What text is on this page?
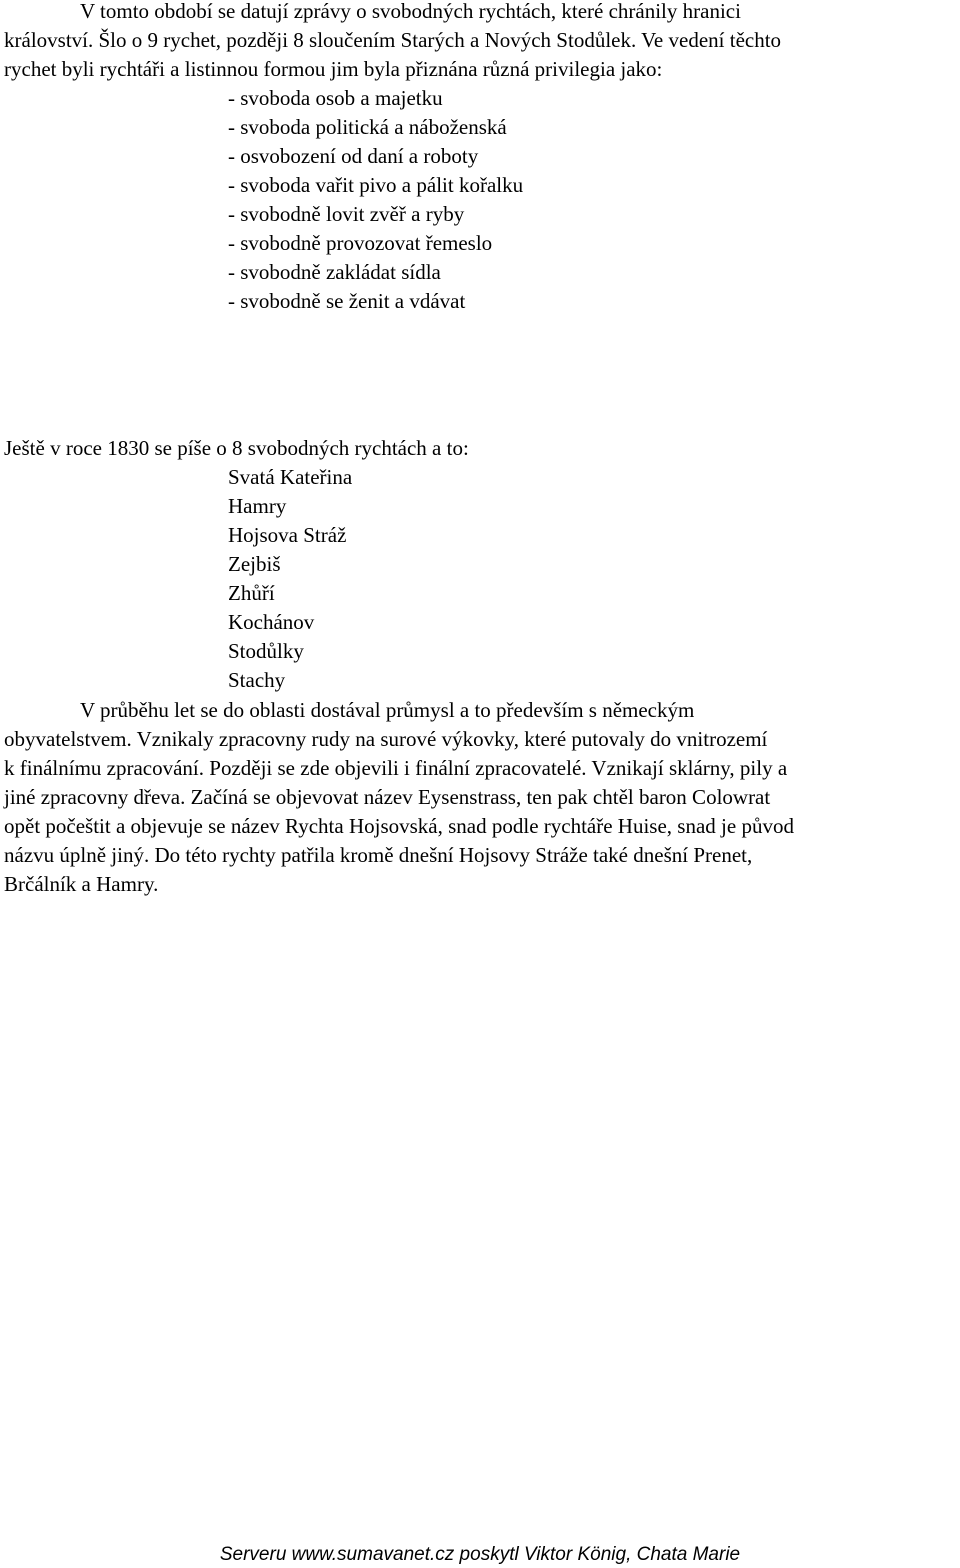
V tomto období se datují zprávy o svobodných rychtách, které chránily hranici
království. Šlo o 9 rychet, později 8 sloučením Starých a Nových Stodůlek. Ve vedení těchto
rychet byli rychtáři a listinnou formou jim byla přiznána různá privilegia jako:
- svoboda osob a majetku
- svoboda politická a náboženská
- osvobození od daní a roboty
- svoboda vařit pivo a pálit kořalku
- svobodně lovit zvěř a ryby
- svobodně provozovat řemeslo
- svobodně zakládat sídla
- svobodně se ženit a vdávat
Ještě v roce 1830 se píše o 8 svobodných rychtách a to:
Svatá Kateřina
Hamry
Hojsova Stráž
Zejbiš
Zhůří
Kochánov
Stodůlky
Stachy
V průběhu let se do oblasti dostával průmysl a to především s německým
obyvatelstvem. Vznikaly zpracovny rudy na surové výkovky, které putovaly do vnitrozemí
k finálnímu zpracování. Později se zde objevili i finální zpracovatelé. Vznikají sklárny, pily a
jiné zpracovny dřeva. Začíná se objevovat název Eysenstrass, ten pak chtěl baron Colowrat
opět počeštit a objevuje se název Rychta Hojsovská, snad podle rychtáře Huise, snad je původ
názvu úplně jiný. Do této rychty patřila kromě dnešní Hojsovy Stráže také dnešní Prenet,
Brčálník a Hamry.
Serveru www.sumavanet.cz poskytl Viktor König, Chata Marie
